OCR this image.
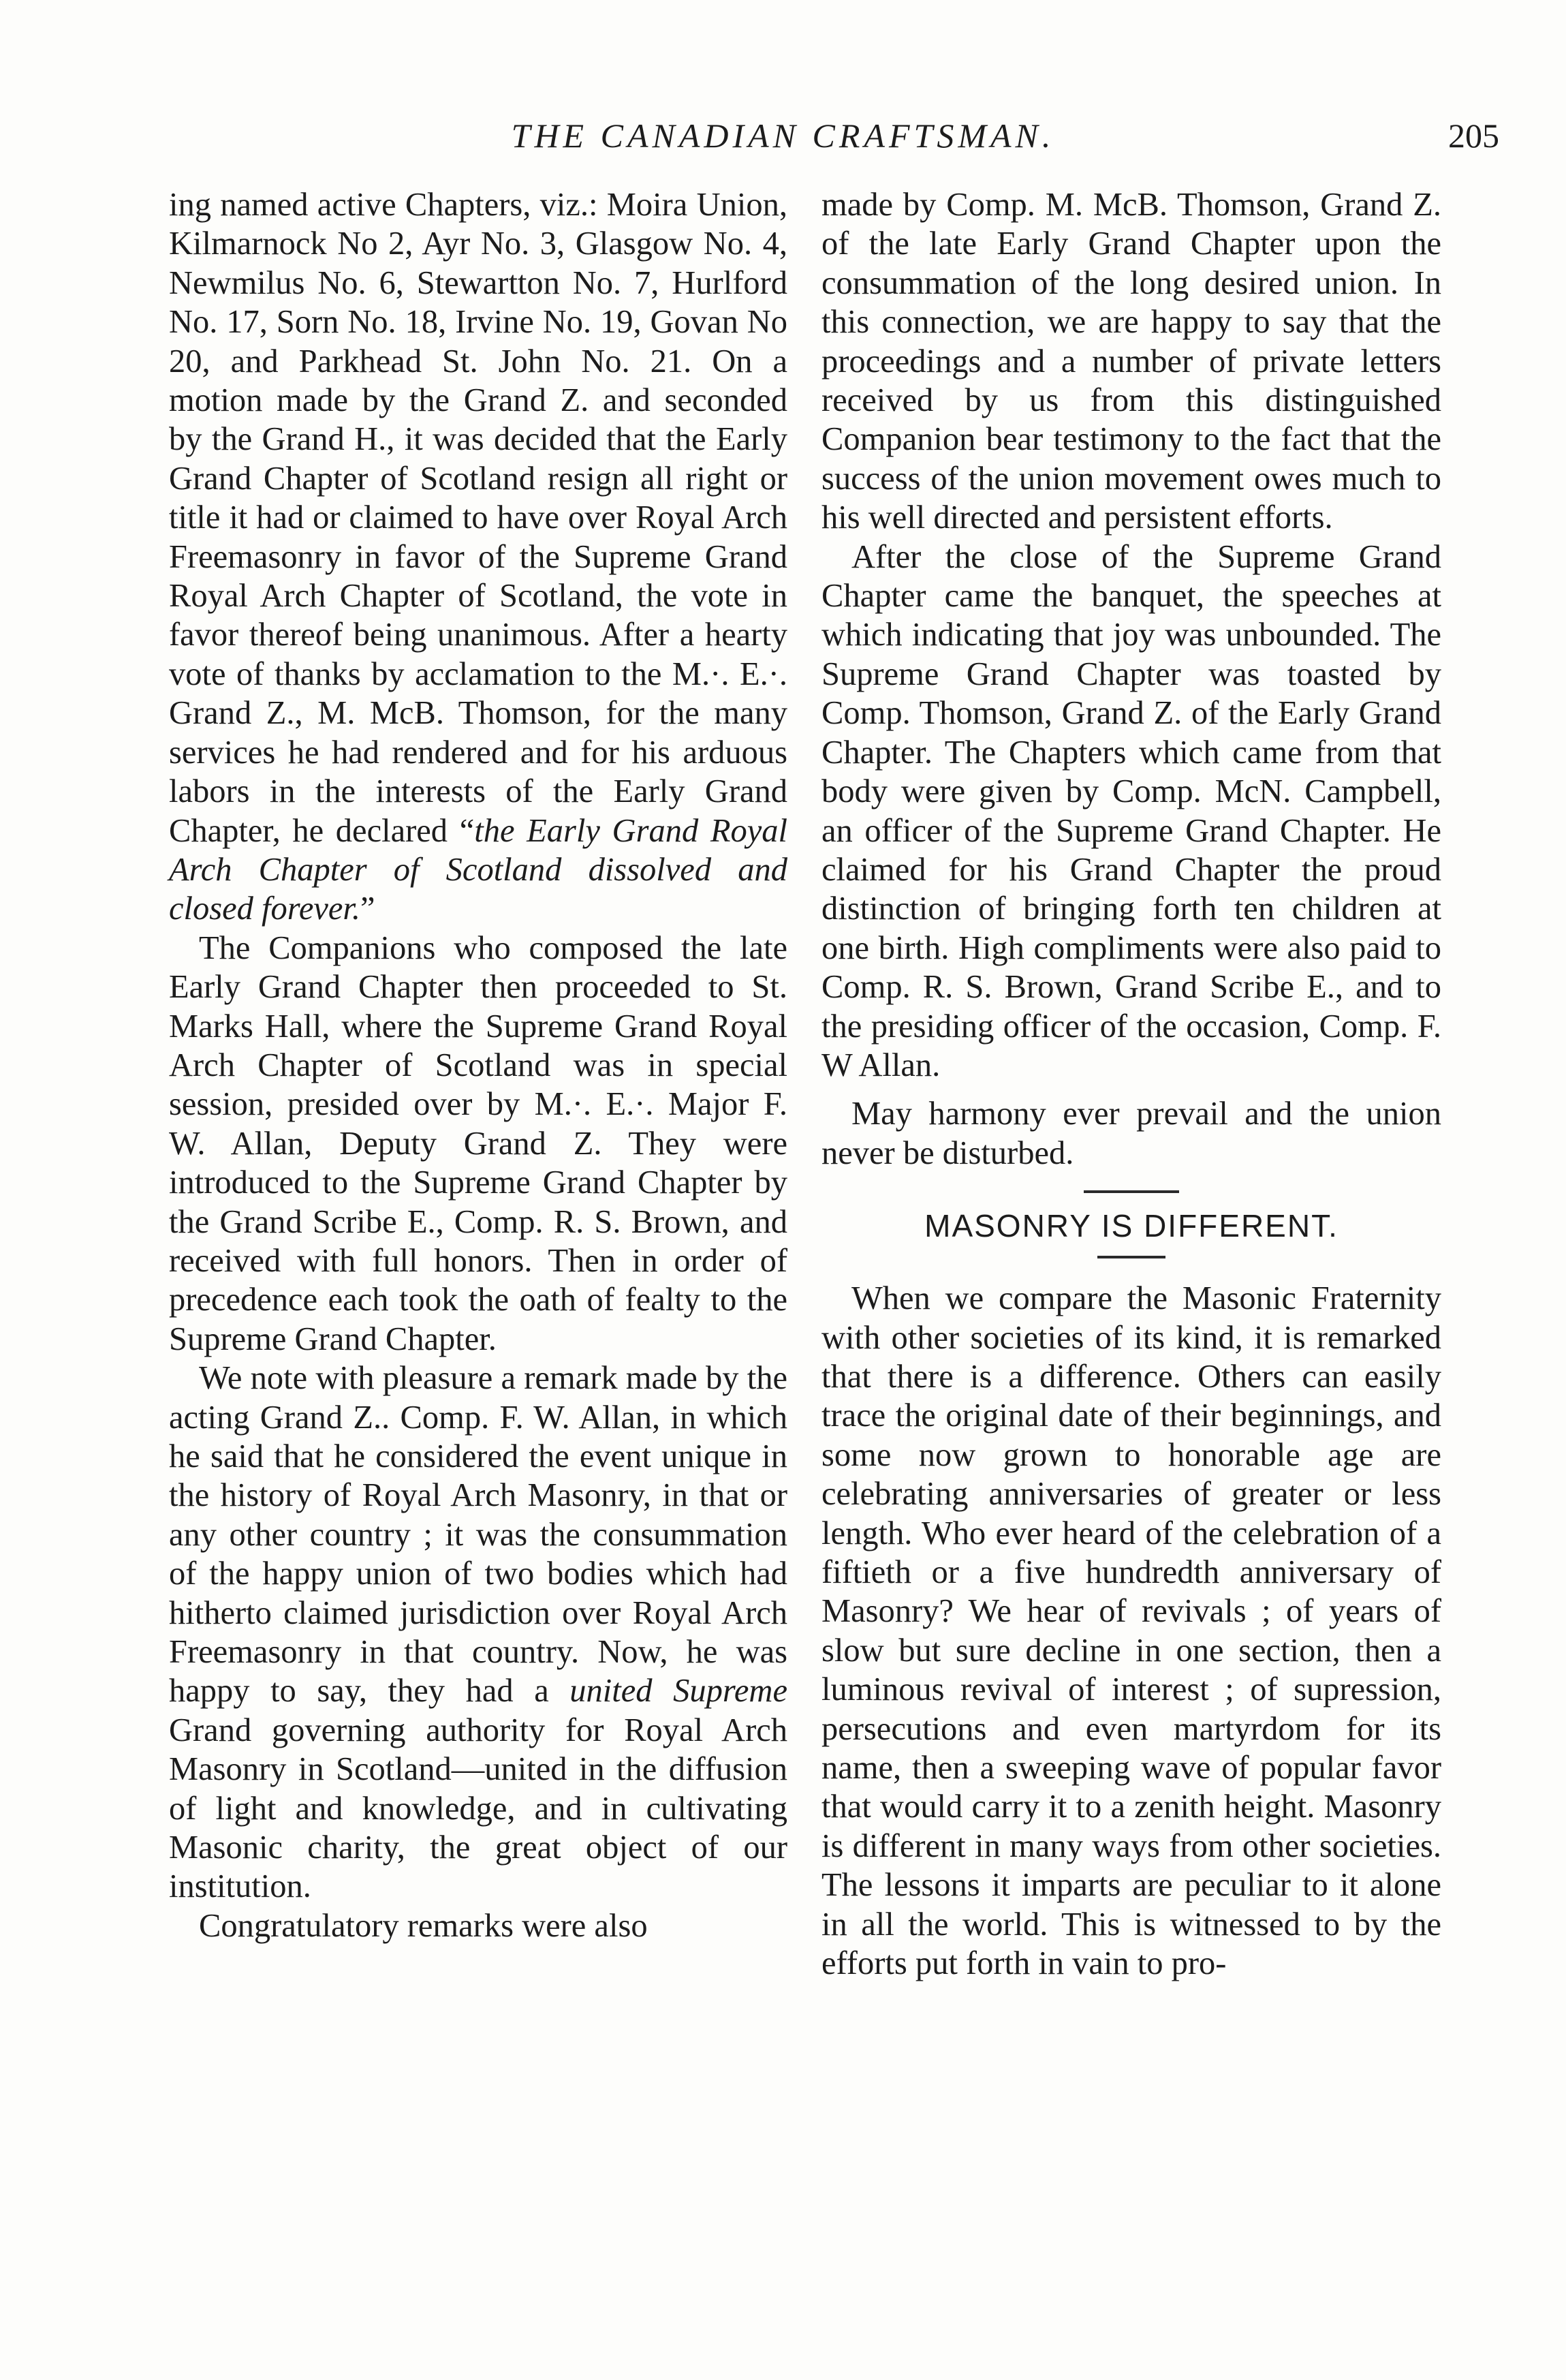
THE CANADIAN CRAFTSMAN.	205

ing named active Chapters, viz.: Moira Union, Kilmarnock No 2, Ayr No. 3, Glasgow No. 4, Newmilus No. 6, Stewartton No. 7, Hurlford No. 17, Sorn No. 18, Irvine No. 19, Govan No 20, and Parkhead St. John No. 21. On a motion made by the Grand Z. and seconded by the Grand H., it was decided that the Early Grand Chapter of Scotland resign all right or title it had or claimed to have over Royal Arch Freemasonry in favor of the Supreme Grand Royal Arch Chapter of Scotland, the vote in favor thereof being unanimous. After a hearty vote of thanks by acclamation to the M.·. E.·. Grand Z., M. McB. Thomson, for the many services he had rendered and for his arduous labors in the interests of the Early Grand Chapter, he declared “the Early Grand Royal Arch Chapter of Scotland dissolved and closed forever.”

The Companions who composed the late Early Grand Chapter then proceeded to St. Marks Hall, where the Supreme Grand Royal Arch Chapter of Scotland was in special session, presided over by M.·. E.·. Major F. W. Allan, Deputy Grand Z. They were introduced to the Supreme Grand Chapter by the Grand Scribe E., Comp. R. S. Brown, and received with full honors. Then in order of precedence each took the oath of fealty to the Supreme Grand Chapter.

We note with pleasure a remark made by the acting Grand Z.. Comp. F. W. Allan, in which he said that he considered the event unique in the history of Royal Arch Masonry, in that or any other country ; it was the consummation of the happy union of two bodies which had hitherto claimed jurisdiction over Royal Arch Freemasonry in that country. Now, he was happy to say, they had a united Supreme Grand governing authority for Royal Arch Masonry in Scotland—united in the diffusion of light and knowledge, and in cultivating Masonic charity, the great object of our institution.

Congratulatory remarks were also

made by Comp. M. McB. Thomson, Grand Z. of the late Early Grand Chapter upon the consummation of the long desired union. In this connection, we are happy to say that the proceedings and a number of private letters received by us from this distinguished Companion bear testimony to the fact that the success of the union movement owes much to his well directed and persistent efforts.

After the close of the Supreme Grand Chapter came the banquet, the speeches at which indicating that joy was unbounded. The Supreme Grand Chapter was toasted by Comp. Thomson, Grand Z. of the Early Grand Chapter. The Chapters which came from that body were given by Comp. McN. Campbell, an officer of the Supreme Grand Chapter. He claimed for his Grand Chapter the proud distinction of bringing forth ten children at one birth. High compliments were also paid to Comp. R. S. Brown, Grand Scribe E., and to the presiding officer of the occasion, Comp. F. W Allan.

May harmony ever prevail and the union never be disturbed.

MASONRY IS DIFFERENT.

When we compare the Masonic Fraternity with other societies of its kind, it is remarked that there is a difference. Others can easily trace the original date of their beginnings, and some now grown to honorable age are celebrating anniversaries of greater or less length. Who ever heard of the celebration of a fiftieth or a five hundredth anniversary of Masonry? We hear of revivals ; of years of slow but sure decline in one section, then a luminous revival of interest ; of supression, persecutions and even martyrdom for its name, then a sweeping wave of popular favor that would carry it to a zenith height. Masonry is different in many ways from other societies. The lessons it imparts are peculiar to it alone in all the world. This is witnessed to by the efforts put forth in vain to pro-
